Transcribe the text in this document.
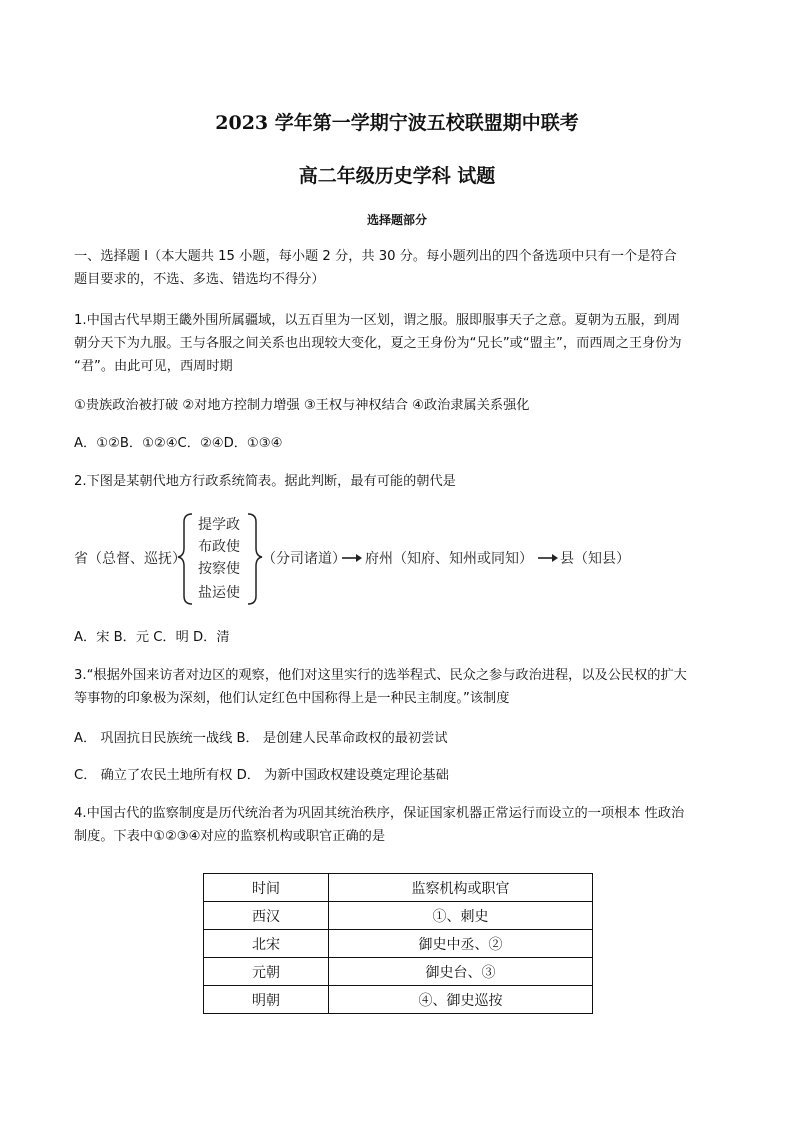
2023 学年第一学期宁波五校联盟期中联考
高二年级历史学科 试题
选择题部分
一、选择题 I（本大题共 15 小题，每小题 2 分，共 30 分。每小题列出的四个备选项中只有一个是符合
题目要求的，不选、多选、错选均不得分）
1.中国古代早期王畿外围所属疆域，以五百里为一区划，谓之服。服即服事天子之意。夏朝为五服，到周
朝分天下为九服。王与各服之间关系也出现较大变化，夏之王身份为“兄长”或“盟主”，而西周之王身份为
“君”。由此可见，西周时期
①贵族政治被打破 ②对地方控制力增强 ③王权与神权结合 ④政治隶属关系强化
A．①②B．①②④C．②④D．①③④
2.下图是某朝代地方行政系统简表。据此判断，最有可能的朝代是
省（总督、巡抚）
提学政
布政使
按察使
盐运使
（分司诸道） 府州（知府、知州或同知） 县（知县）
A．宋 B．元 C．明 D．清
3.“根据外国来访者对边区的观察，他们对这里实行的选举程式、民众之参与政治进程，以及公民权的扩大
等事物的印象极为深刻，他们认定红色中国称得上是一种民主制度。”该制度
A． 巩固抗日民族统一战线 B． 是创建人民革命政权的最初尝试
C． 确立了农民土地所有权 D． 为新中国政权建设奠定理论基础
4.中国古代的监察制度是历代统治者为巩固其统治秩序，保证国家机器正常运行而设立的一项根本 性政治
制度。下表中①②③④对应的监察机构或职官正确的是
时间	监察机构或职官
西汉	①、刺史
北宋	御史中丞、②
元朝	御史台、③
明朝	④、御史巡按
